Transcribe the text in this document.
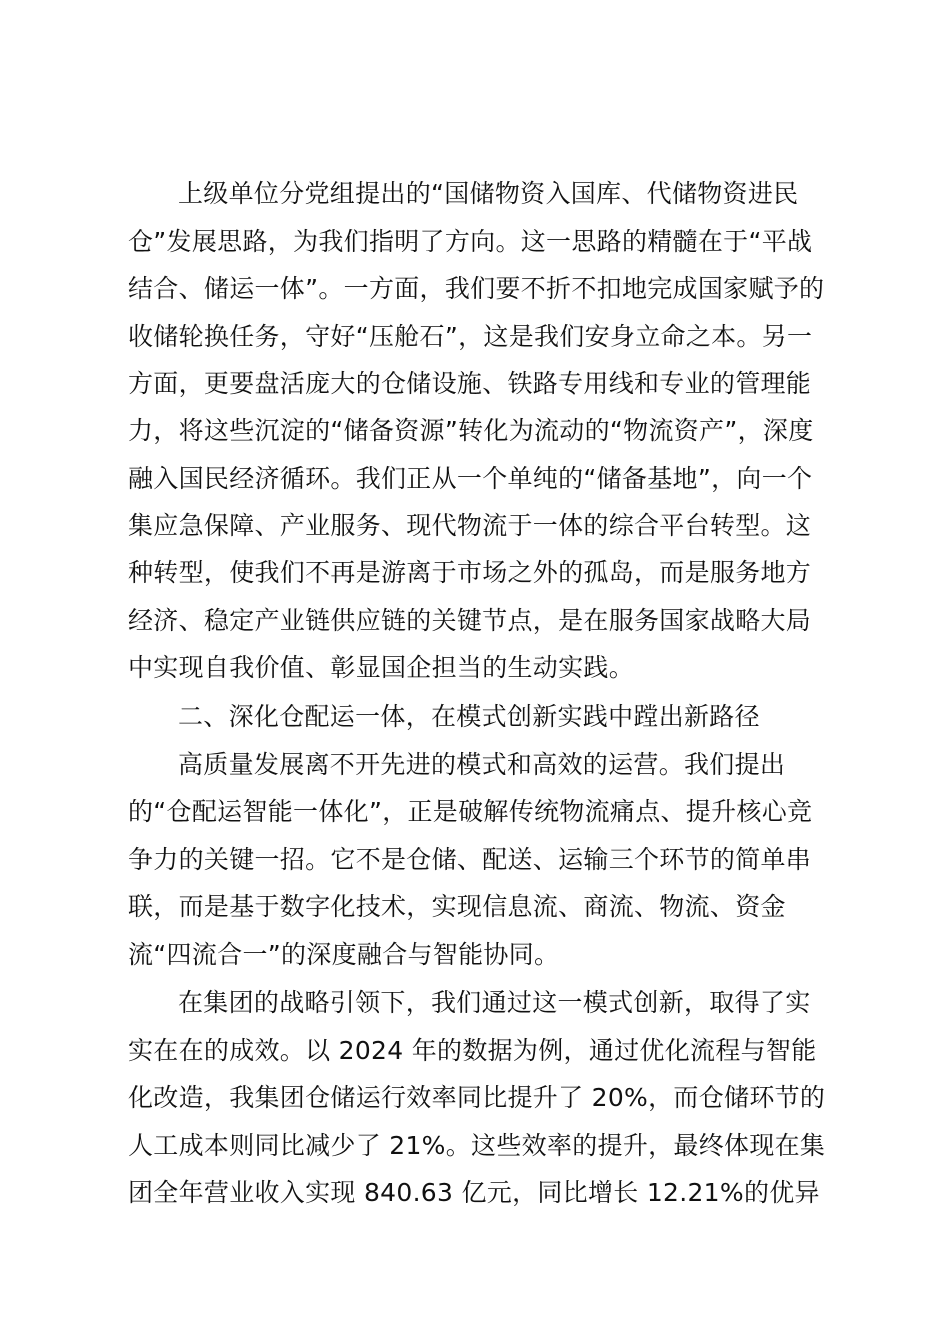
上级单位分党组提出的“国储物资入国库、代储物资进民
仓”发展思路，为我们指明了方向。这一思路的精髓在于“平战
结合、储运一体”。一方面，我们要不折不扣地完成国家赋予的
收储轮换任务，守好“压舱石”，这是我们安身立命之本。另一
方面，更要盘活庞大的仓储设施、铁路专用线和专业的管理能
力，将这些沉淀的“储备资源”转化为流动的“物流资产”，深度
融入国民经济循环。我们正从一个单纯的“储备基地”，向一个
集应急保障、产业服务、现代物流于一体的综合平台转型。这
种转型，使我们不再是游离于市场之外的孤岛，而是服务地方
经济、稳定产业链供应链的关键节点，是在服务国家战略大局
中实现自我价值、彰显国企担当的生动实践。
二、深化仓配运一体，在模式创新实践中蹚出新路径
高质量发展离不开先进的模式和高效的运营。我们提出
的“仓配运智能一体化”，正是破解传统物流痛点、提升核心竞
争力的关键一招。它不是仓储、配送、运输三个环节的简单串
联，而是基于数字化技术，实现信息流、商流、物流、资金
流“四流合一”的深度融合与智能协同。
在集团的战略引领下，我们通过这一模式创新，取得了实
实在在的成效。以 2024 年的数据为例，通过优化流程与智能
化改造，我集团仓储运行效率同比提升了 20%，而仓储环节的
人工成本则同比减少了 21%。这些效率的提升，最终体现在集
团全年营业收入实现 840.63 亿元，同比增长 12.21%的优异
